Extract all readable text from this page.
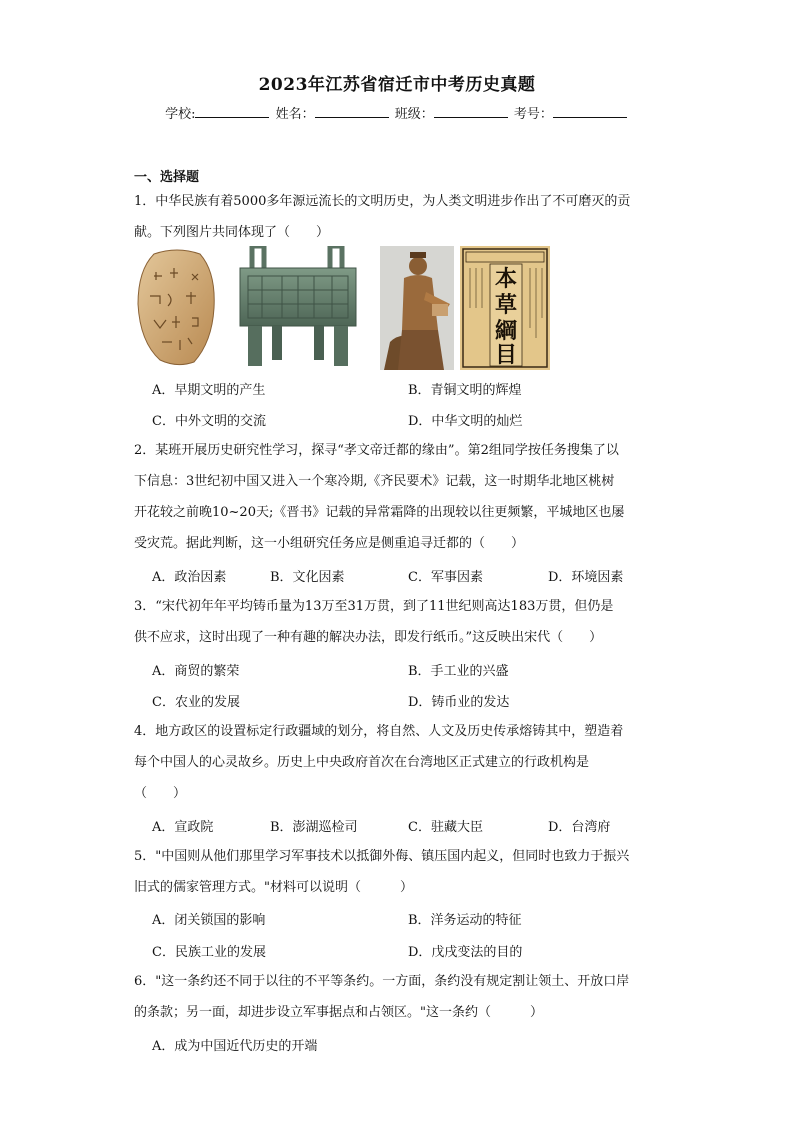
2023年江苏省宿迁市中考历史真题
学校:	姓名：	班级：	考号：
一、选择题

1．中华民族有着5000多年源远流长的文明历史，为人类文明进步作出了不可磨灭的贡

献。下列图片共同体现了（　　）

本
草
綱
目
A．早期文明的产生	B．青铜文明的辉煌
C．中外文明的交流	D．中华文明的灿烂

2．某班开展历史研究性学习，探寻“孝文帝迁都的缘由”。第2组同学按任务搜集了以

下信息：3世纪初中国又进入一个寒冷期,《齐民要术》记载，这一时期华北地区桃树

开花较之前晚10~20天;《晋书》记载的异常霜降的出现较以往更频繁，平城地区也屡

受灾荒。据此判断，这一小组研究任务应是侧重追寻迁都的（　　）

A．政治因素	B．文化因素	C．军事因素	D．环境因素

3．“宋代初年年平均铸币量为13万至31万贯，到了11世纪则高达183万贯，但仍是

供不应求，这时出现了一种有趣的解决办法，即发行纸币。”这反映出宋代（　　）

A．商贸的繁荣	B．手工业的兴盛
C．农业的发展	D．铸币业的发达

4．地方政区的设置标定行政疆域的划分，将自然、人文及历史传承熔铸其中，塑造着

每个中国人的心灵故乡。历史上中央政府首次在台湾地区正式建立的行政机构是

（　　）

A．宣政院	B．澎湖巡检司	C．驻藏大臣	D．台湾府

5．"中国则从他们那里学习军事技术以抵御外侮、镇压国内起义，但同时也致力于振兴

旧式的儒家管理方式。"材料可以说明（　　　）

A．闭关锁国的影响	B．洋务运动的特征
C．民族工业的发展	D．戊戌变法的目的

6．"这一条约还不同于以往的不平等条约。一方面，条约没有规定割让领土、开放口岸

的条款；另一面，却进步设立军事据点和占领区。"这一条约（　　　）

A．成为中国近代历史的开端
